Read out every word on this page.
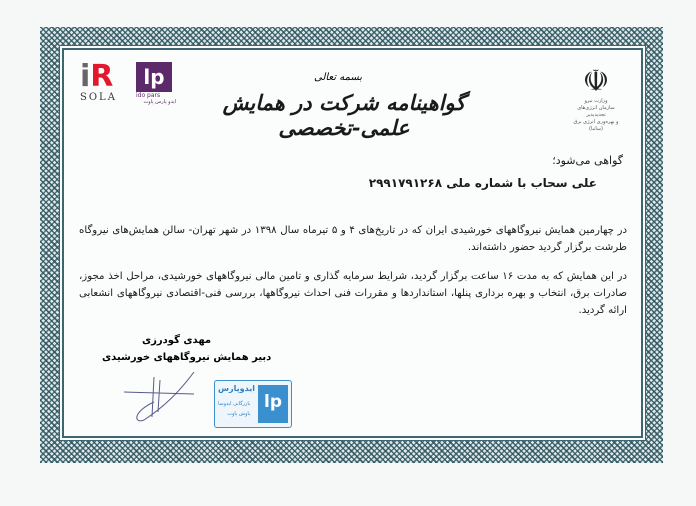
iR
SOLA
lp
ido pars
ایدو پارس پاوت
بسمه تعالی
گواهینامه شرکت در همایش علمی-تخصصی
☫
وزارت نیرو
سازمان انرژی‌های تجدیدپذیر
و بهره‌وری انرژی برق (ساتبا)
گواهی می‌شود؛
علی سحاب با شماره ملی ۲۹۹۱۷۹۱۲۶۸
در چهارمین همایش نیروگاههای خورشیدی ایران که در تاریخ‌های ۴ و ۵ تیرماه سال ۱۳۹۸ در شهر تهران- سالن همایش‌های نیروگاه طرشت برگزار گردید حضور داشته‌اند.
در این همایش که به مدت ۱۶ ساعت برگزار گردید، شرایط سرمایه گذاری و تامین مالی نیروگاههای خورشیدی، مراحل اخذ مجوز، صادرات برق، انتخاب و بهره برداری پنلها، استانداردها و مقررات فنی احداث نیروگاهها، بررسی فنی-اقتصادی نیروگاههای انشعابی ارائه گردید.
مهدی گودرزی
دبیر همایش نیروگاههای خورشیدی
ایدوپارس
بازرگانی ایدوسا
پاوش پاوت
lp
